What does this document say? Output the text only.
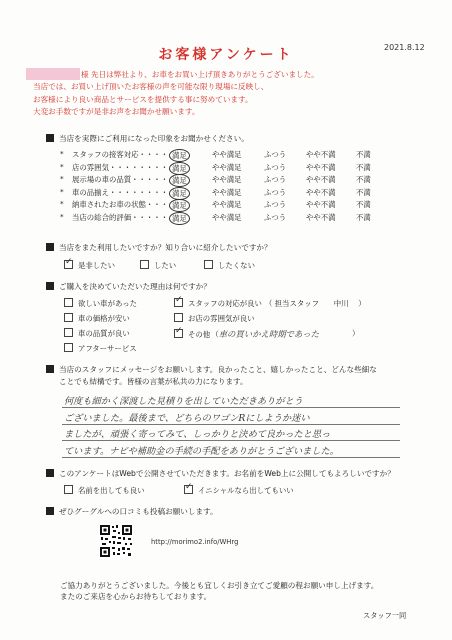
2021.8.12
お客様アンケート
様 先日は弊社より、お車をお買い上げ頂きありがとうございました。
当店では、お買い上げ頂いたお客様の声を可能な限り現場に反映し、
お客様により良い商品とサービスを提供する事に努めています。
大変お手数ですが是非お声をお聞かせ願います。
当店を実際にご利用になった印象をお聞かせください。
* スタッフの接客対応・・・・ 満足	やや満足	ふつう	やや不満	不満
* 店の雰囲気・・・・・・・・ 満足	やや満足	ふつう	やや不満	不満
* 展示場の車の品質・・・・・ 満足	やや満足	ふつう	やや不満	不満
* 車の品揃え・・・・・・・・ 満足	やや満足	ふつう	やや不満	不満
* 納車されたお車の状態・・・ 満足	やや満足	ふつう	やや不満	不満
* 当店の総合的評価・・・・・ 満足	やや満足	ふつう	やや不満	不満
当店をまた利用したいですか？知り合いに紹介したいですか？
✓是非したい	したい	したくない
ご購入を決めていただいた理由は何ですか？
欲しい車があった
車の価格が安い
車の品質が良い
アフターサービス
✓スタッフの対応が良い （ 担当スタッフ　　中川　 ）
お店の雰囲気が良い
✓その他（車の買いかえ時期であった	）
当店のスタッフにメッセージをお願いします。良かったこと、嬉しかったこと、どんな些細な
ことでも結構です。皆様の言葉が私共の力になります。
何度も細かく深渡した見積りを出していただきありがとう
ございました。最後まで、どちらのワゴンRにしようか迷い
ましたが、頑張く寄ってみて、しっかりと決めて良かったと思っ
ています。ナビや補助金の手続の手配をありがとうございました。
このアンケートはWebで公開させていただきます。お名前をWeb上に公開してもよろしいですか？
名前を出しても良い
✓	イニシャルなら出してもいい
ぜひグーグルへの口コミも投稿お願いします。
http://morimo2.info/WHrg
ご協力ありがとうございました。今後とも宜しくお引き立てご愛顧の程お願い申し上げます。
またのご来店を心からお待ちしております。
スタッフ一同
